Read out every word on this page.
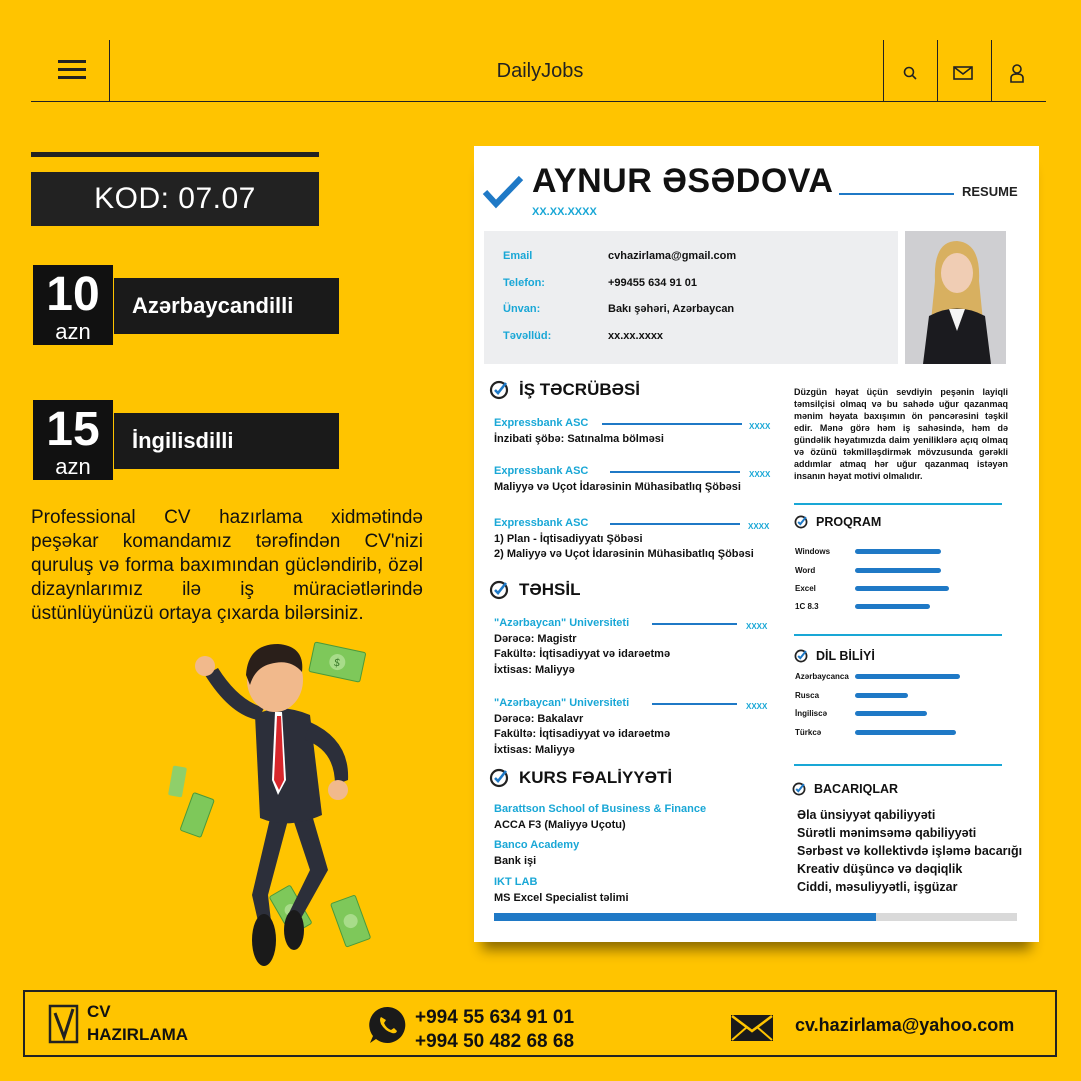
DailyJobs
KOD: 07.07
Azərbaycandilli
10
azn
İngilisdilli
15
azn
Professional CV hazırlama xidmətində peşəkar komandamız tərəfindən CV'nizi quruluş və forma baxımından gücləndirib, özəl dizaynlarımız ilə iş müraciətlərində üstünlüyünüzü ortaya çıxarda bilərsiniz.
$
AYNUR ƏSƏDOVA
XX.XX.XXXX
RESUME
Email	cvhazirlama@gmail.com
Telefon:	+99455 634 91 01
Ünvan:	Bakı şəhəri, Azərbaycan
Təvəllüd:	xx.xx.xxxx
İŞ TƏCRÜBƏSİ
Expressbank ASC	XXXX
İnzibati şöbə: Satınalma bölməsi
Expressbank ASC	XXXX
Maliyyə və Uçot İdarəsinin Mühasibatlıq Şöbəsi
Expressbank ASC	XXXX
1) Plan - İqtisadiyyatı Şöbəsi
2) Maliyyə və Uçot İdarəsinin Mühasibatlıq Şöbəsi
TƏHSİL
"Azərbaycan" Universiteti	XXXX
Dərəcə: Magistr
Fakültə: İqtisadiyyat və idarəetmə
İxtisas: Maliyyə
"Azərbaycan" Universiteti	XXXX
Dərəcə: Bakalavr
Fakültə: İqtisadiyyat və idarəetmə
İxtisas: Maliyyə
KURS FƏALİYYƏTİ
Barattson School of Business & Finance
ACCA F3 (Maliyyə Uçotu)
Banco Academy
Bank işi
IKT LAB
MS Excel Specialist təlimi
Düzgün həyat üçün sevdiyin peşənin layiqli təmsilçisi olmaq və bu sahədə uğur qazanmaq mənim həyata baxışımın ön pəncərəsini təşkil edir. Mənə görə həm iş sahəsində, həm də gündəlik həyatımızda daim yeniliklərə açıq olmaq və özünü təkmilləşdirmək mövzusunda gərəkli addımlar atmaq hər uğur qazanmaq istəyən insanın həyat motivi olmalıdır.
PROQRAM
Windows
Word
Excel
1C 8.3
DİL BİLİYİ
Azərbaycanca
Rusca
İngiliscə
Türkcə
BACARIQLAR
Əla ünsiyyət qabiliyyəti
Sürətli mənimsəmə qabiliyyəti
Sərbəst və kollektivdə işləmə bacarığı
Kreativ düşüncə və dəqiqlik
Ciddi, məsuliyyətli, işgüzar
CV
HAZIRLAMA
+994 55 634 91 01
+994 50 482 68 68
cv.hazirlama@yahoo.com
